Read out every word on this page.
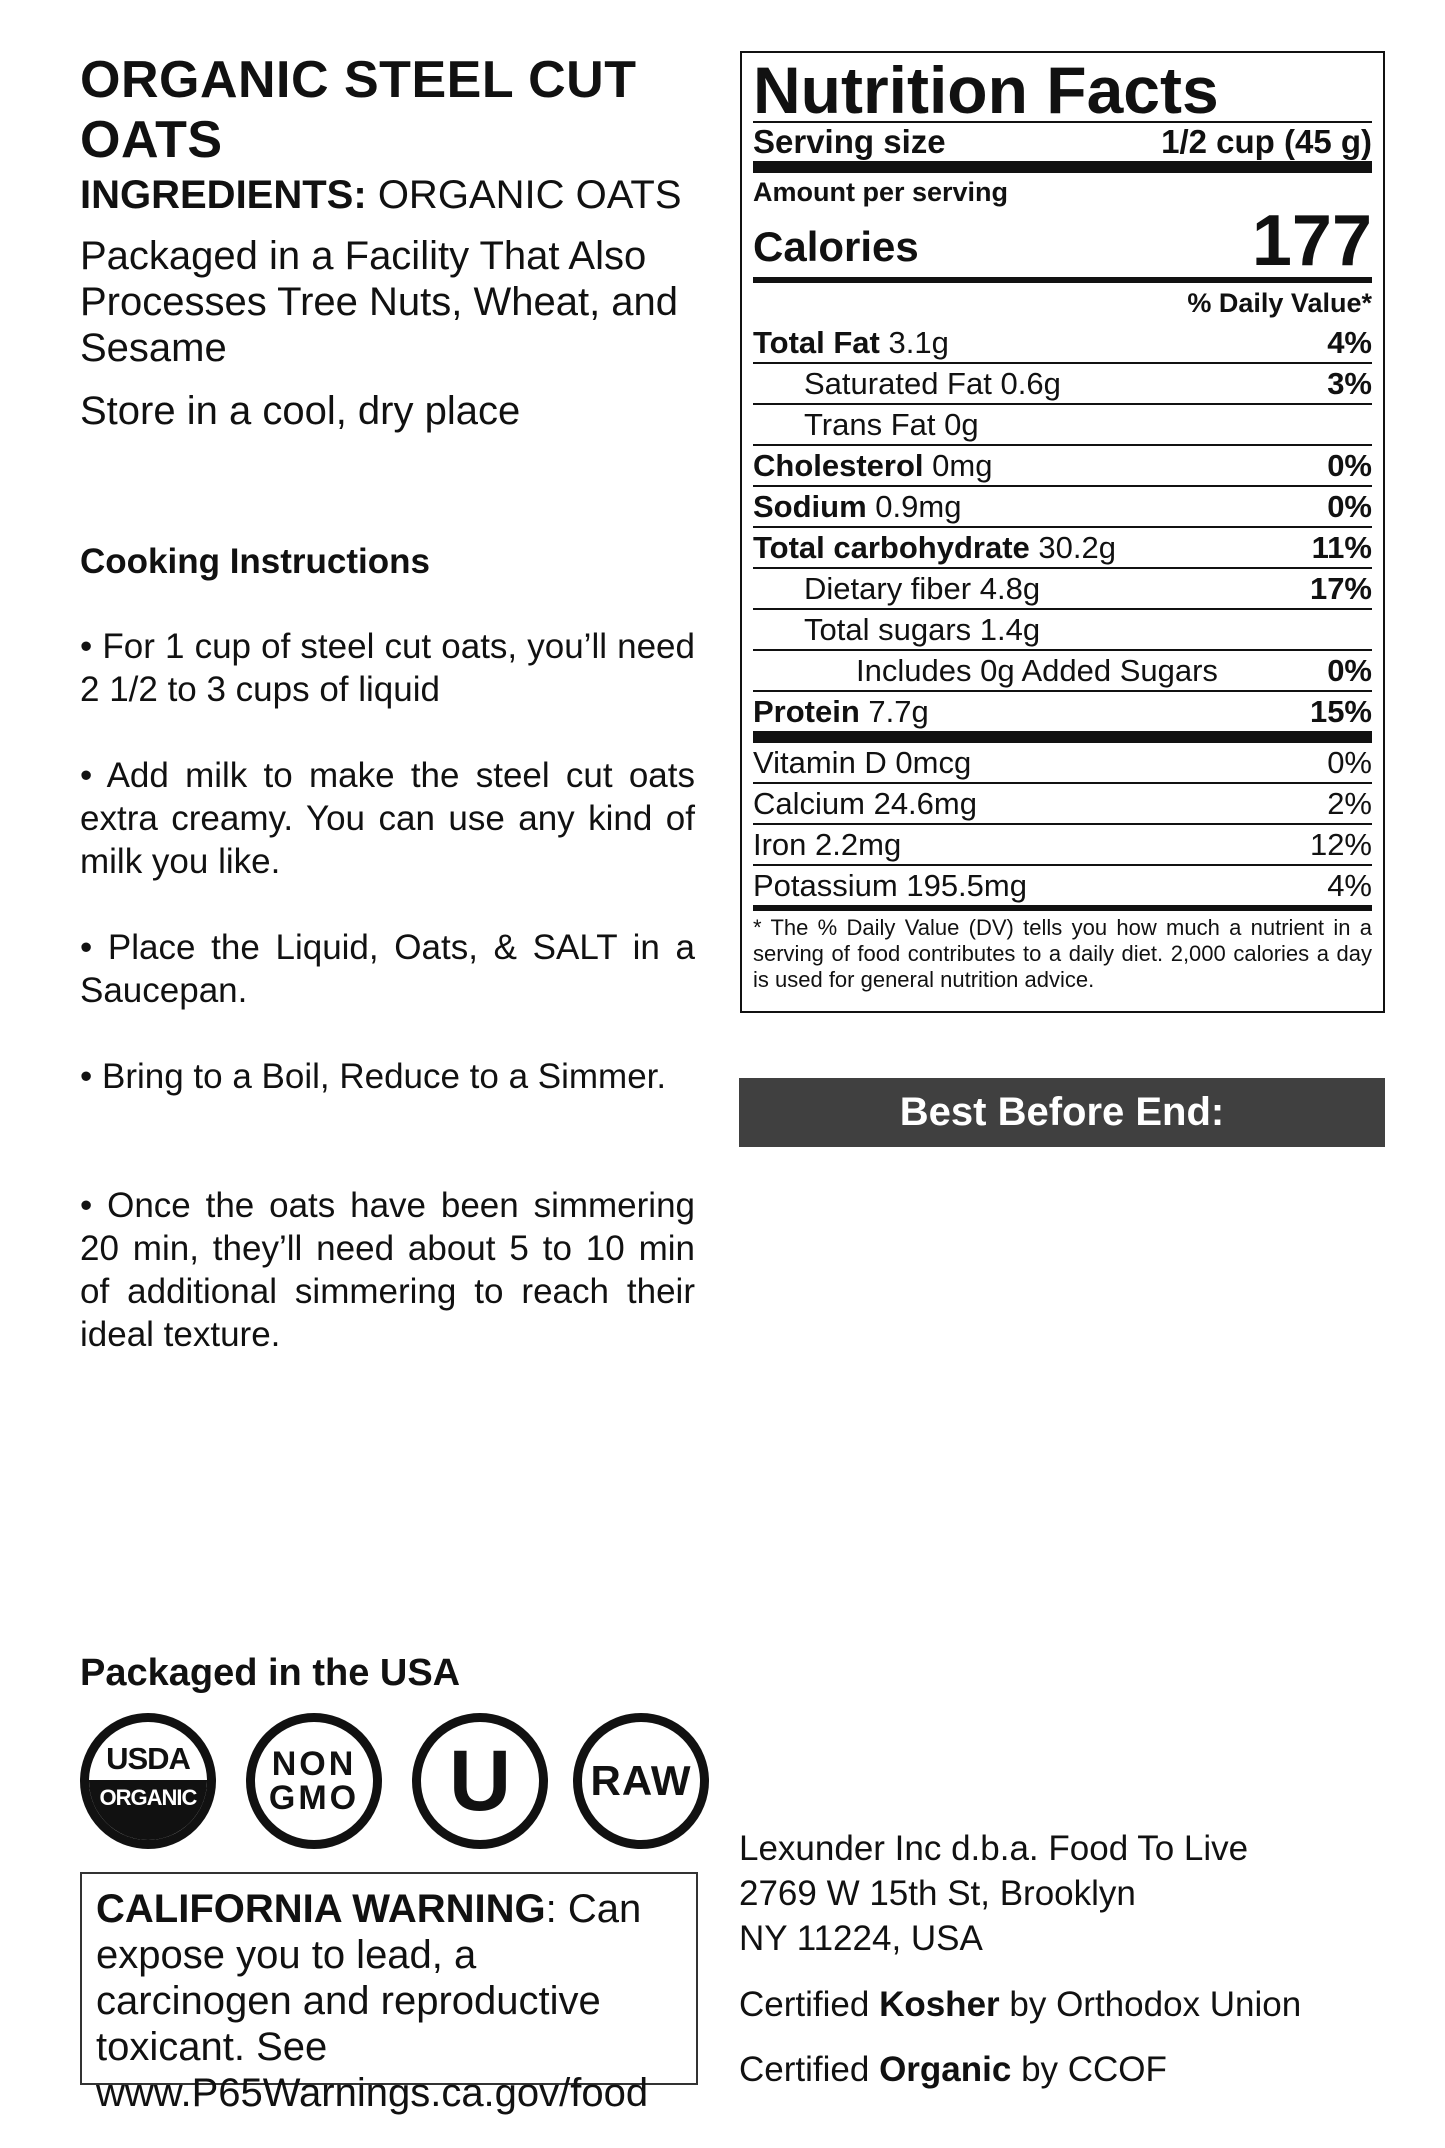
ORGANIC STEEL CUT OATS
INGREDIENTS: ORGANIC OATS
Packaged in a Facility That Also Processes Tree Nuts, Wheat, and Sesame
Store in a cool, dry place
Cooking Instructions
• For 1 cup of steel cut oats, you’ll need 2 1/2 to 3 cups of liquid
• Add milk to make the steel cut oats extra creamy. You can use any kind of milk you like.
• Place the Liquid, Oats, & SALT in a Saucepan.
• Bring to a Boil, Reduce to a Simmer.
• Once the oats have been simmering 20 min, they’ll need about 5 to 10 min of additional simmering to reach their ideal texture.
Packaged in the USA
USDA
ORGANIC
NON
GMO U RAW
CALIFORNIA WARNING: Can expose you to lead, a carcinogen and reproductive toxicant. See www.P65Warnings.ca.gov/food
Nutrition Facts
Serving size	1/2 cup (45 g)
Amount per serving
Calories	177
% Daily Value*
Total Fat 3.1g	4%
Saturated Fat 0.6g	3%
Trans Fat 0g
Cholesterol 0mg	0%
Sodium 0.9mg	0%
Total carbohydrate 30.2g	11%
Dietary fiber 4.8g	17%
Total sugars 1.4g
Includes 0g Added Sugars	0%
Protein 7.7g	15%
Vitamin D 0mcg	0%
Calcium 24.6mg	2%
Iron 2.2mg	12%
Potassium 195.5mg	4%
* The % Daily Value (DV) tells you how much a nutrient in a serving of food contributes to a daily diet. 2,000 calories a day is used for general nutrition advice.
Best Before End:
Lexunder Inc d.b.a. Food To Live
2769 W 15th St, Brooklyn
NY 11224, USA
Certified Kosher by Orthodox Union
Certified Organic by CCOF
